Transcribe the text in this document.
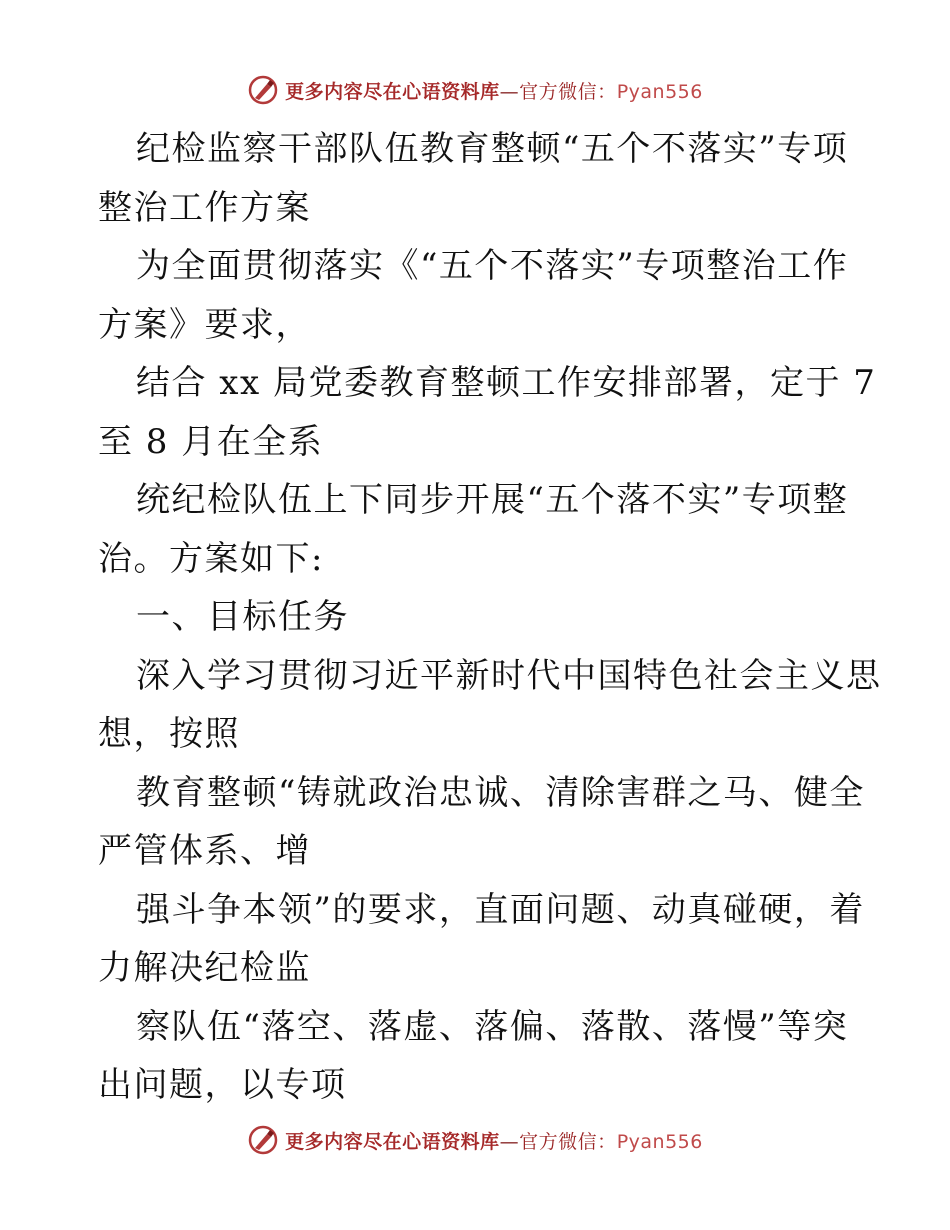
更多内容尽在心语资料库—官方微信：Pyan556
纪检监察干部队伍教育整顿“五个不落实”专项
整治工作方案
为全面贯彻落实《“五个不落实”专项整治工作
方案》要求，
结合 xx 局党委教育整顿工作安排部署，定于 7
至 8 月在全系
统纪检队伍上下同步开展“五个落不实”专项整
治。方案如下:
一、目标任务
深入学习贯彻习近平新时代中国特色社会主义思
想，按照
教育整顿“铸就政治忠诚、清除害群之马、健全
严管体系、增
强斗争本领”的要求，直面问题、动真碰硬，着
力解决纪检监
察队伍“落空、落虚、落偏、落散、落慢”等突
出问题，以专项
更多内容尽在心语资料库—官方微信：Pyan556
